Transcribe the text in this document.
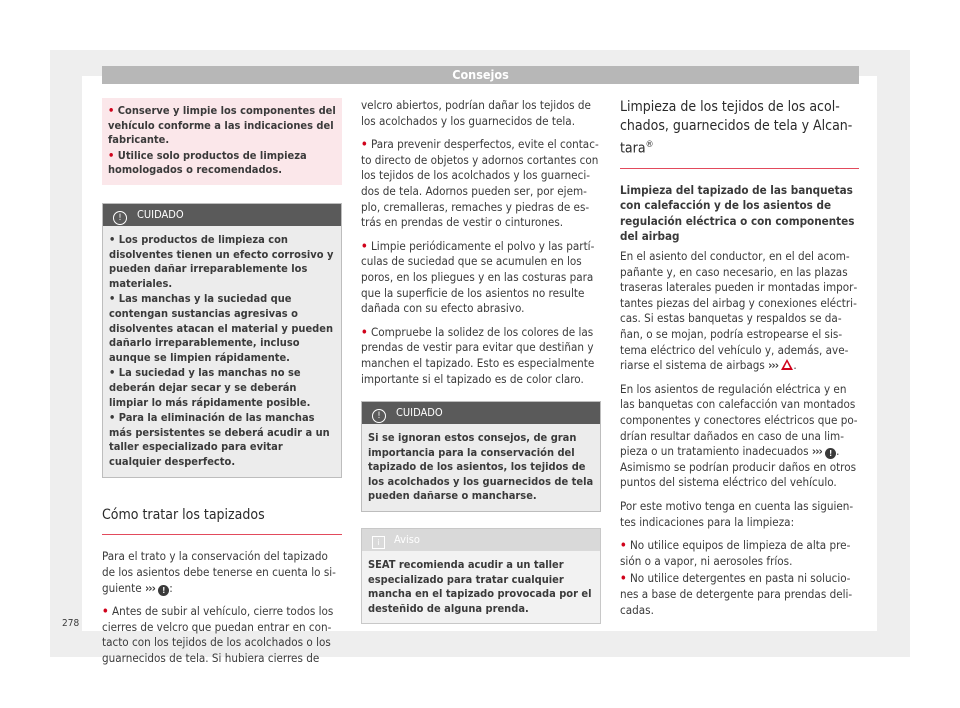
Consejos
• Conserve y limpie los componentes del vehículo conforme a las indicaciones del fabricante.
• Utilice solo productos de limpieza homologados o recomendados.
! CUIDADO
• Los productos de limpieza con disolventes tienen un efecto corrosivo y pueden dañar irreparablemente los materiales.
• Las manchas y la suciedad que contengan sustancias agresivas o disolventes atacan el material y pueden dañarlo irreparablemente, incluso aunque se limpien rápidamente.
• La suciedad y las manchas no se deberán dejar secar y se deberán limpiar lo más rápidamente posible.
• Para la eliminación de las manchas más persistentes se deberá acudir a un taller especializado para evitar cualquier desperfecto.
Cómo tratar los tapizados

Para el trato y la conservación del tapizado de los asientos debe tenerse en cuenta lo siguiente ››› ! :

• Antes de subir al vehículo, cierre todos los cierres de velcro que puedan entrar en contacto con los tejidos de los acolchados o los guarnecidos de tela. Si hubiera cierres de

velcro abiertos, podrían dañar los tejidos de los acolchados y los guarnecidos de tela.

• Para prevenir desperfectos, evite el contacto directo de objetos y adornos cortantes con los tejidos de los acolchados y los guarnecidos de tela. Adornos pueden ser, por ejemplo, cremalleras, remaches y piedras de estrás en prendas de vestir o cinturones.

• Limpie periódicamente el polvo y las partículas de suciedad que se acumulen en los poros, en los pliegues y en las costuras para que la superficie de los asientos no resulte dañada con su efecto abrasivo.

• Compruebe la solidez de los colores de las prendas de vestir para evitar que destiñan y manchen el tapizado. Esto es especialmente importante si el tapizado es de color claro.

! CUIDADO
Si se ignoran estos consejos, de gran importancia para la conservación del tapizado de los asientos, los tejidos de los acolchados y los guarnecidos de tela pueden dañarse o mancharse.
i Aviso
SEAT recomienda acudir a un taller especializado para tratar cualquier mancha en el tapizado provocada por el desteñido de alguna prenda.
Limpieza de los tejidos de los acolchados, guarnecidos de tela y Alcantara®

Limpieza del tapizado de las banquetas con calefacción y de los asientos de regulación eléctrica o con componentes del airbag

En el asiento del conductor, en el del acompañante y, en caso necesario, en las plazas traseras laterales pueden ir montadas importantes piezas del airbag y conexiones eléctricas. Si estas banquetas y respaldos se dañan, o se mojan, podría estropearse el sistema eléctrico del vehículo y, además, averiarse el sistema de airbags ››› .

En los asientos de regulación eléctrica y en las banquetas con calefacción van montados componentes y conectores eléctricos que podrían resultar dañados en caso de una limpieza o un tratamiento inadecuados ››› ! . Asimismo se podrían producir daños en otros puntos del sistema eléctrico del vehículo.

Por este motivo tenga en cuenta las siguientes indicaciones para la limpieza:

• No utilice equipos de limpieza de alta presión o a vapor, ni aerosoles fríos.
• No utilice detergentes en pasta ni soluciones a base de detergente para prendas delicadas.
278
